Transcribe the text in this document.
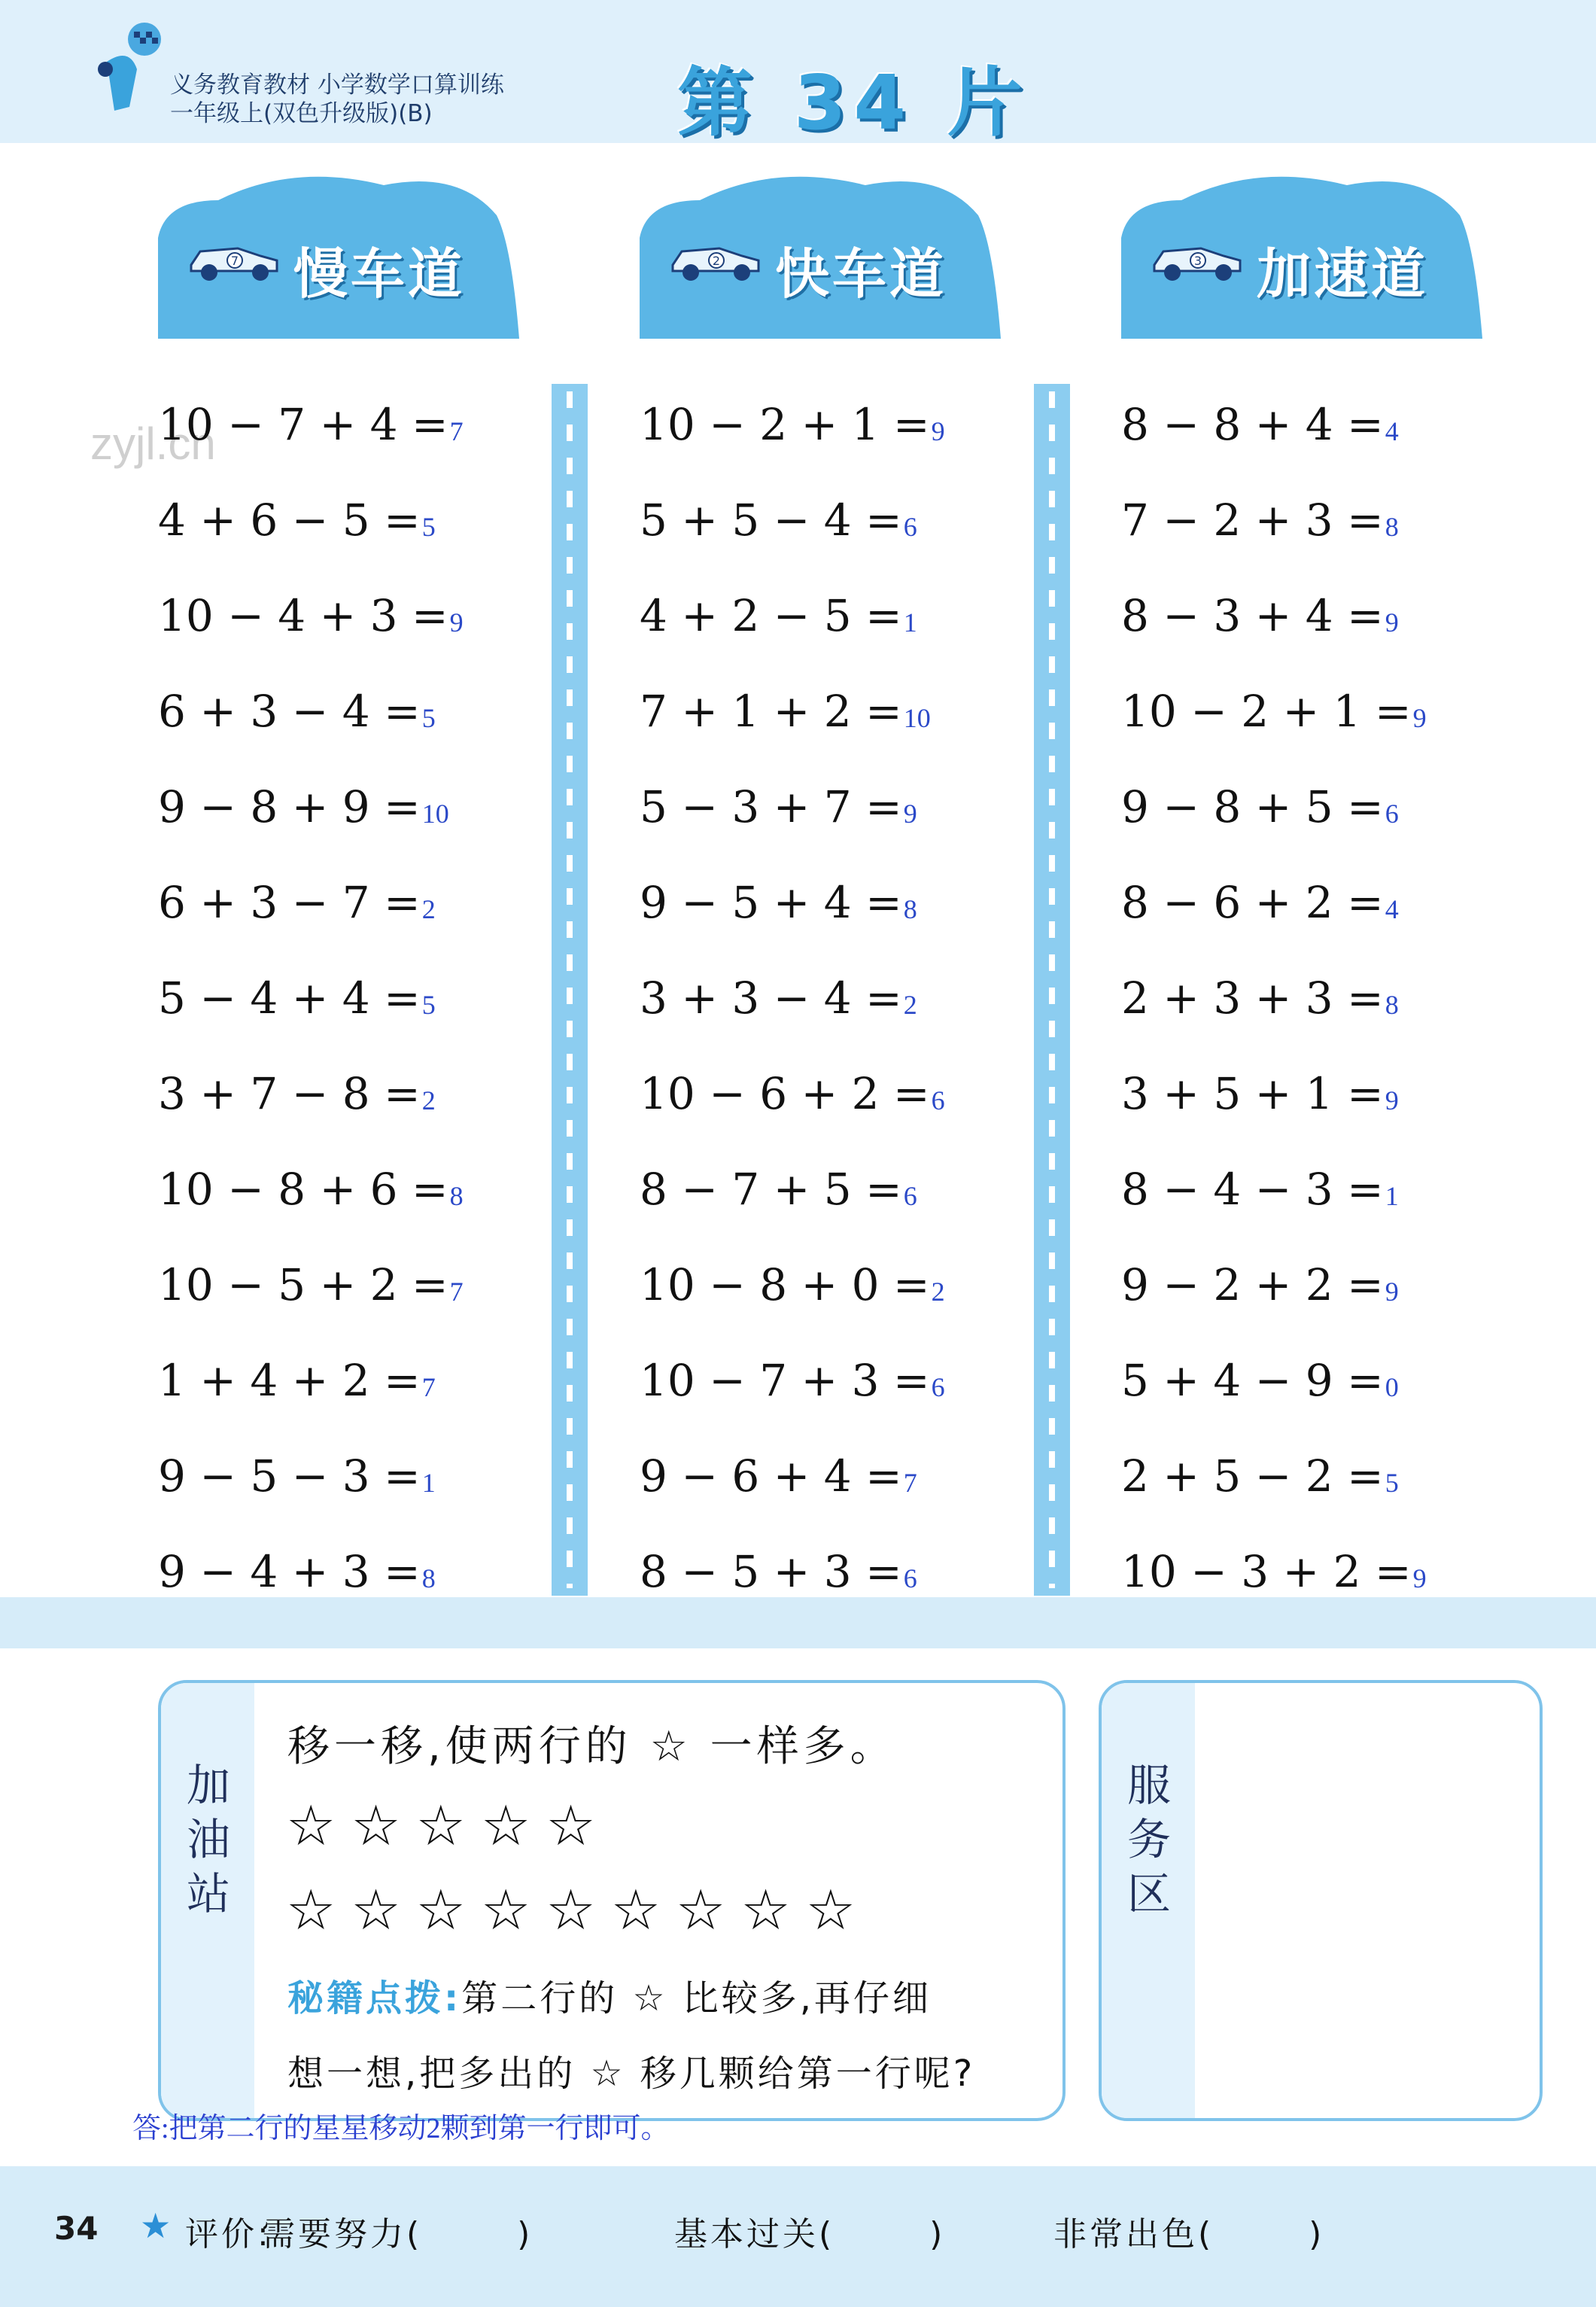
义务教育教材 小学数学口算训练
一年级上(双色升级版)(B)	第 34 片
7 慢车道	2 快车道	3 加速道
zyjl.cn
10 − 7 + 4 = 7
4 + 6 − 5 = 5
10 − 4 + 3 = 9
6 + 3 − 4 = 5
9 − 8 + 9 = 10
6 + 3 − 7 = 2
5 − 4 + 4 = 5
3 + 7 − 8 = 2
10 − 8 + 6 = 8
10 − 5 + 2 = 7
1 + 4 + 2 = 7
9 − 5 − 3 = 1
9 − 4 + 3 = 8
10 − 2 + 1 = 9
5 + 5 − 4 = 6
4 + 2 − 5 = 1
7 + 1 + 2 = 10
5 − 3 + 7 = 9
9 − 5 + 4 = 8
3 + 3 − 4 = 2
10 − 6 + 2 = 6
8 − 7 + 5 = 6
10 − 8 + 0 = 2
10 − 7 + 3 = 6
9 − 6 + 4 = 7
8 − 5 + 3 = 6
8 − 8 + 4 = 4
7 − 2 + 3 = 8
8 − 3 + 4 = 9
10 − 2 + 1 = 9
9 − 8 + 5 = 6
8 − 6 + 2 = 4
2 + 3 + 3 = 8
3 + 5 + 1 = 9
8 − 4 − 3 = 1
9 − 2 + 2 = 9
5 + 4 − 9 = 0
2 + 5 − 2 = 5
10 − 3 + 2 = 9
加
油
站
移一移,使两行的 ☆ 一样多。
☆☆☆☆☆
☆☆☆☆☆☆☆☆☆
秘籍点拨:第二行的 ☆ 比较多,再仔细
想一想,把多出的 ☆ 移几颗给第一行呢?
服
务
区
答:把第二行的星星移动2颗到第一行即可。
34 ★ 评价:
需要努力(       )	基本过关(       )	非常出色(       )
